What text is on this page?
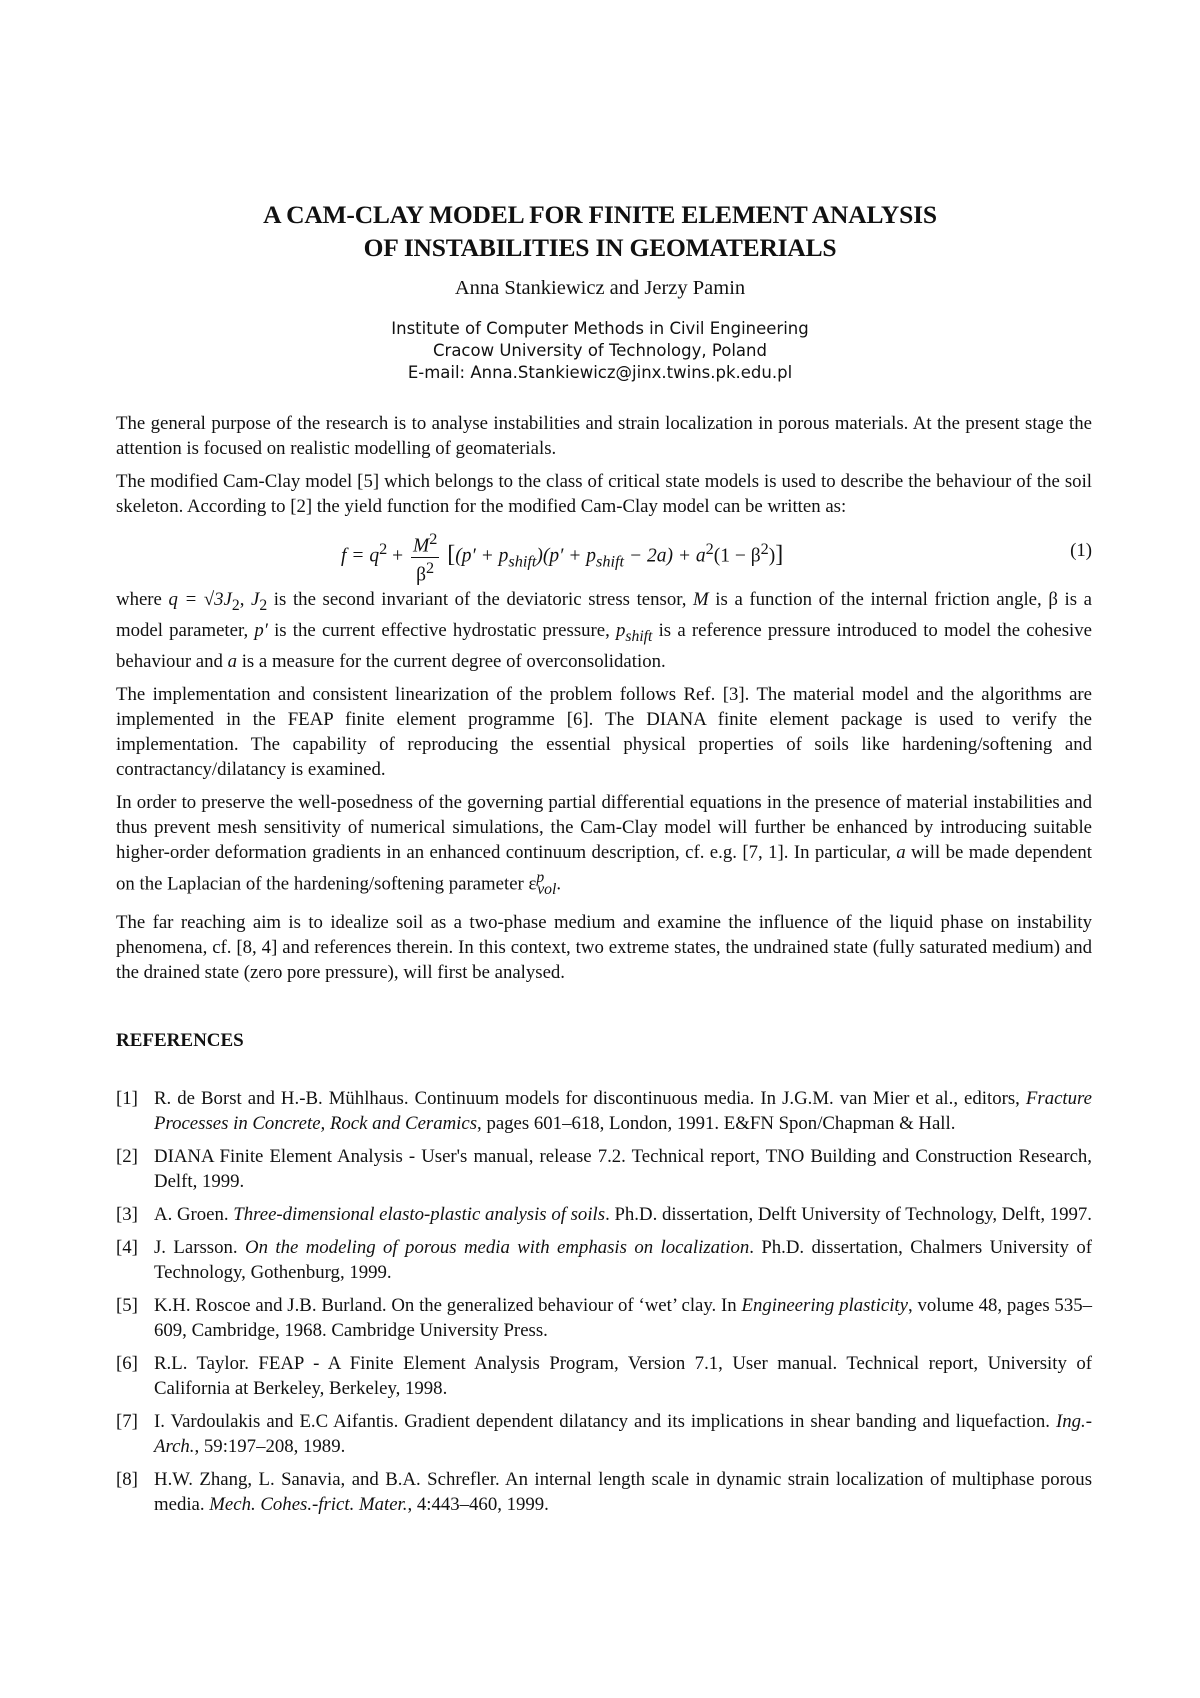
A CAM-CLAY MODEL FOR FINITE ELEMENT ANALYSIS
OF INSTABILITIES IN GEOMATERIALS
Anna Stankiewicz and Jerzy Pamin
Institute of Computer Methods in Civil Engineering
Cracow University of Technology, Poland
E-mail: Anna.Stankiewicz@jinx.twins.pk.edu.pl

The general purpose of the research is to analyse instabilities and strain localization in porous materials. At the present stage the attention is focused on realistic modelling of geomaterials.

The modified Cam-Clay model [5] which belongs to the class of critical state models is used to describe the behaviour of the soil skeleton. According to [2] the yield function for the modified Cam-Clay model can be written as:

$f = q^2 + \frac{M^2}{\beta^2} [(p' + p_{shift})(p' + p_{shift} - 2a) + a^2(1 - \beta^2)]$	(1)

where $q = √3J_2$, $J_2$ is the second invariant of the deviatoric stress tensor, M is a function of the internal friction angle, β is a model parameter, p′ is the current effective hydrostatic pressure, $p_{shift}$ is a reference pressure introduced to model the cohesive behaviour and a is a measure for the current degree of overconsolidation.

The implementation and consistent linearization of the problem follows Ref. [3]. The material model and the algorithms are implemented in the FEAP finite element programme [6]. The DIANA finite element package is used to verify the implementation. The capability of reproducing the essential physical properties of soils like hardening/softening and contractancy/dilatancy is examined.

In order to preserve the well-posedness of the governing partial differential equations in the presence of material instabilities and thus prevent mesh sensitivity of numerical simulations, the Cam-Clay model will further be enhanced by introducing suitable higher-order deformation gradients in an enhanced continuum description, cf. e.g. [7, 1]. In particular, a will be made dependent on the Laplacian of the hardening/softening parameter $\varepsilon^p_{vol}$.

The far reaching aim is to idealize soil as a two-phase medium and examine the influence of the liquid phase on instability phenomena, cf. [8, 4] and references therein. In this context, two extreme states, the undrained state (fully saturated medium) and the drained state (zero pore pressure), will first be analysed.

REFERENCES
[1] R. de Borst and H.-B. Mühlhaus. Continuum models for discontinuous media. In J.G.M. van Mier et al., editors, Fracture Processes in Concrete, Rock and Ceramics, pages 601–618, London, 1991. E&FN Spon/Chapman & Hall.
[2] DIANA Finite Element Analysis - User's manual, release 7.2. Technical report, TNO Building and Construction Research, Delft, 1999.
[3] A. Groen. Three-dimensional elasto-plastic analysis of soils. Ph.D. dissertation, Delft University of Technology, Delft, 1997.
[4] J. Larsson. On the modeling of porous media with emphasis on localization. Ph.D. dissertation, Chalmers University of Technology, Gothenburg, 1999.
[5] K.H. Roscoe and J.B. Burland. On the generalized behaviour of ‘wet’ clay. In Engineering plasticity, volume 48, pages 535–609, Cambridge, 1968. Cambridge University Press.
[6] R.L. Taylor. FEAP - A Finite Element Analysis Program, Version 7.1, User manual. Technical report, University of California at Berkeley, Berkeley, 1998.
[7] I. Vardoulakis and E.C Aifantis. Gradient dependent dilatancy and its implications in shear banding and liquefaction. Ing.-Arch., 59:197–208, 1989.
[8] H.W. Zhang, L. Sanavia, and B.A. Schrefler. An internal length scale in dynamic strain localization of multiphase porous media. Mech. Cohes.-frict. Mater., 4:443–460, 1999.
